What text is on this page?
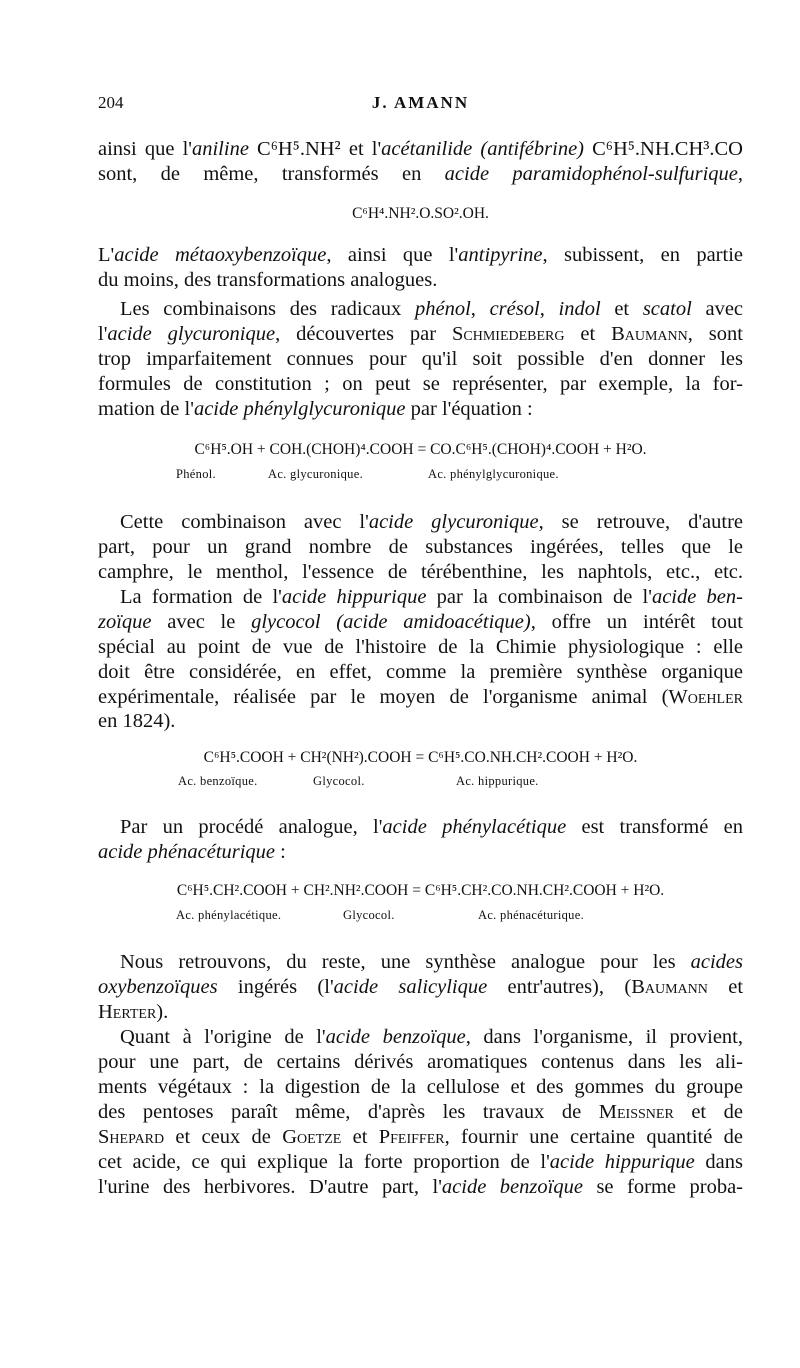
204	J. AMANN
ainsi que l'aniline C⁶H⁵.NH² et l'acétanilide (antifébrine) C⁶H⁵.NH.CH³.CO
sont, de même, transformés en acide paramidophénol-sulfurique,
C⁶H⁴.NH².O.SO².OH.
L'acide métaoxybenzoïque, ainsi que l'antipyrine, subissent, en partie
du moins, des transformations analogues.
Les combinaisons des radicaux phénol, crésol, indol et scatol avec
l'acide glycuronique, découvertes par Schmiedeberg et Baumann, sont
trop imparfaitement connues pour qu'il soit possible d'en donner les
formules de constitution ; on peut se représenter, par exemple, la for-
mation de l'acide phénylglycuronique par l'équation :
C⁶H⁵.OH + COH.(CHOH)⁴.COOH = CO.C⁶H⁵.(CHOH)⁴.COOH + H²O.
Phénol.	Ac. glycuronique.	Ac. phénylglycuronique.
Cette combinaison avec l'acide glycuronique, se retrouve, d'autre
part, pour un grand nombre de substances ingérées, telles que le
camphre, le menthol, l'essence de térébenthine, les naphtols, etc., etc.
La formation de l'acide hippurique par la combinaison de l'acide ben-
zoïque avec le glycocol (acide amidoacétique), offre un intérêt tout
spécial au point de vue de l'histoire de la Chimie physiologique : elle
doit être considérée, en effet, comme la première synthèse organique
expérimentale, réalisée par le moyen de l'organisme animal (Woehler
en 1824).
C⁶H⁵.COOH + CH²(NH²).COOH = C⁶H⁵.CO.NH.CH².COOH + H²O.
Ac. benzoïque.	Glycocol.	Ac. hippurique.
Par un procédé analogue, l'acide phénylacétique est transformé en
acide phénacéturique :
C⁶H⁵.CH².COOH + CH².NH².COOH = C⁶H⁵.CH².CO.NH.CH².COOH + H²O.
Ac. phénylacétique.	Glycocol.	Ac. phénacéturique.
Nous retrouvons, du reste, une synthèse analogue pour les acides
oxybenzoïques ingérés (l'acide salicylique entr'autres), (Baumann et
Herter).
Quant à l'origine de l'acide benzoïque, dans l'organisme, il provient,
pour une part, de certains dérivés aromatiques contenus dans les ali-
ments végétaux : la digestion de la cellulose et des gommes du groupe
des pentoses paraît même, d'après les travaux de Meissner et de
Shepard et ceux de Goetze et Pfeiffer, fournir une certaine quantité de
cet acide, ce qui explique la forte proportion de l'acide hippurique dans
l'urine des herbivores. D'autre part, l'acide benzoïque se forme proba-
